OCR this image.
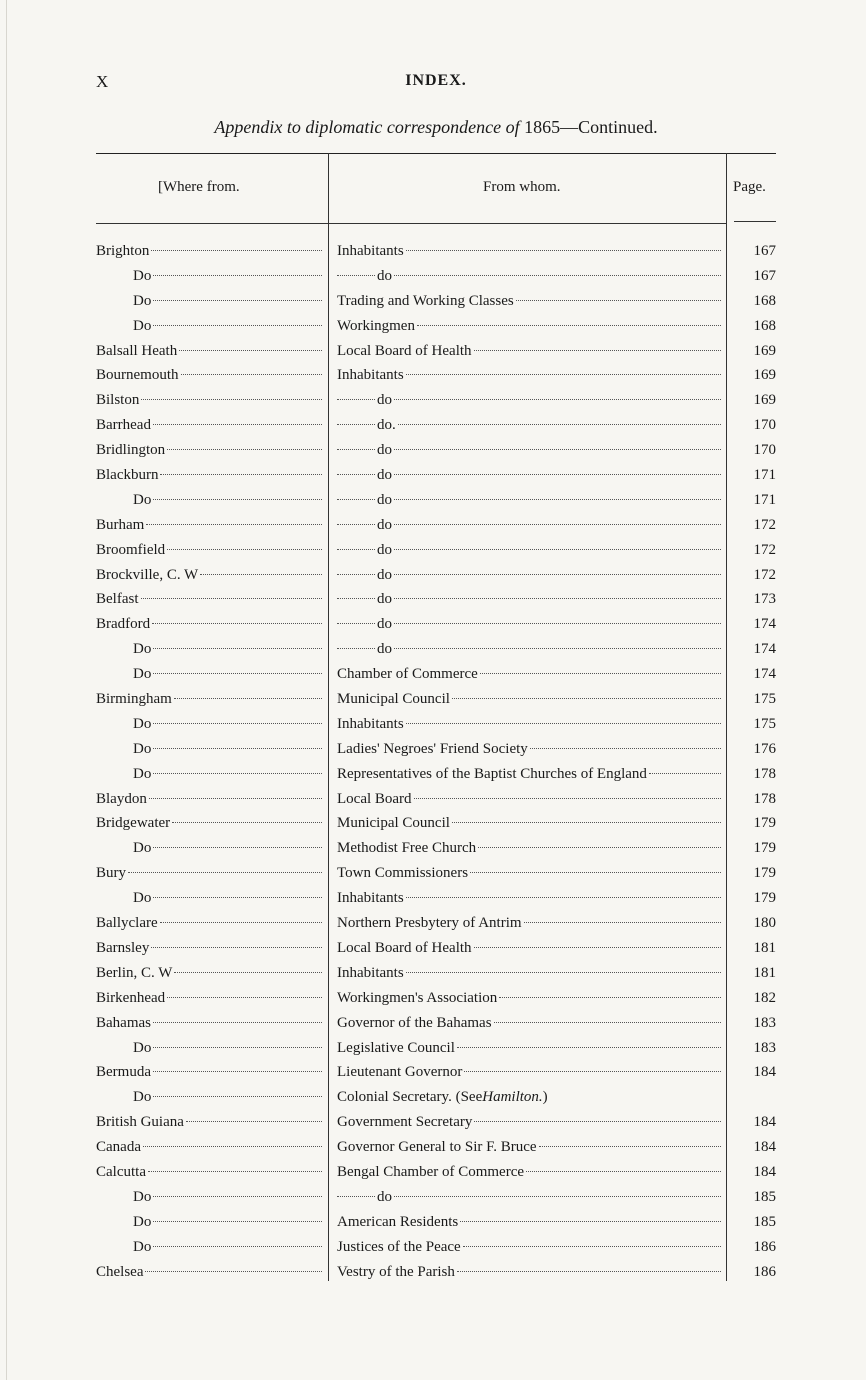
X	INDEX.
Appendix to diplomatic correspondence of 1865—Continued.
[Where from.	From whom.	Page.
Brighton	Inhabitants	167
Do	do	167
Do	Trading and Working Classes	168
Do	Workingmen	168
Balsall Heath	Local Board of Health	169
Bournemouth	Inhabitants	169
Bilston	do	169
Barrhead	do.	170
Bridlington	do	170
Blackburn	do	171
Do	do	171
Burham	do	172
Broomfield	do	172
Brockville, C. W	do	172
Belfast	do	173
Bradford	do	174
Do	do	174
Do	Chamber of Commerce	174
Birmingham	Municipal Council	175
Do	Inhabitants	175
Do	Ladies' Negroes' Friend Society	176
Do	Representatives of the Baptist Churches of England	178
Blaydon	Local Board	178
Bridgewater	Municipal Council	179
Do	Methodist Free Church	179
Bury	Town Commissioners	179
Do	Inhabitants	179
Ballyclare	Northern Presbytery of Antrim	180
Barnsley	Local Board of Health	181
Berlin, C. W	Inhabitants	181
Birkenhead	Workingmen's Association	182
Bahamas	Governor of the Bahamas	183
Do	Legislative Council	183
Bermuda	Lieutenant Governor	184
Do	Colonial Secretary. (See Hamilton. )
British Guiana	Government Secretary	184
Canada	Governor General to Sir F. Bruce	184
Calcutta	Bengal Chamber of Commerce	184
Do	do	185
Do	American Residents	185
Do	Justices of the Peace	186
Chelsea	Vestry of the Parish	186
